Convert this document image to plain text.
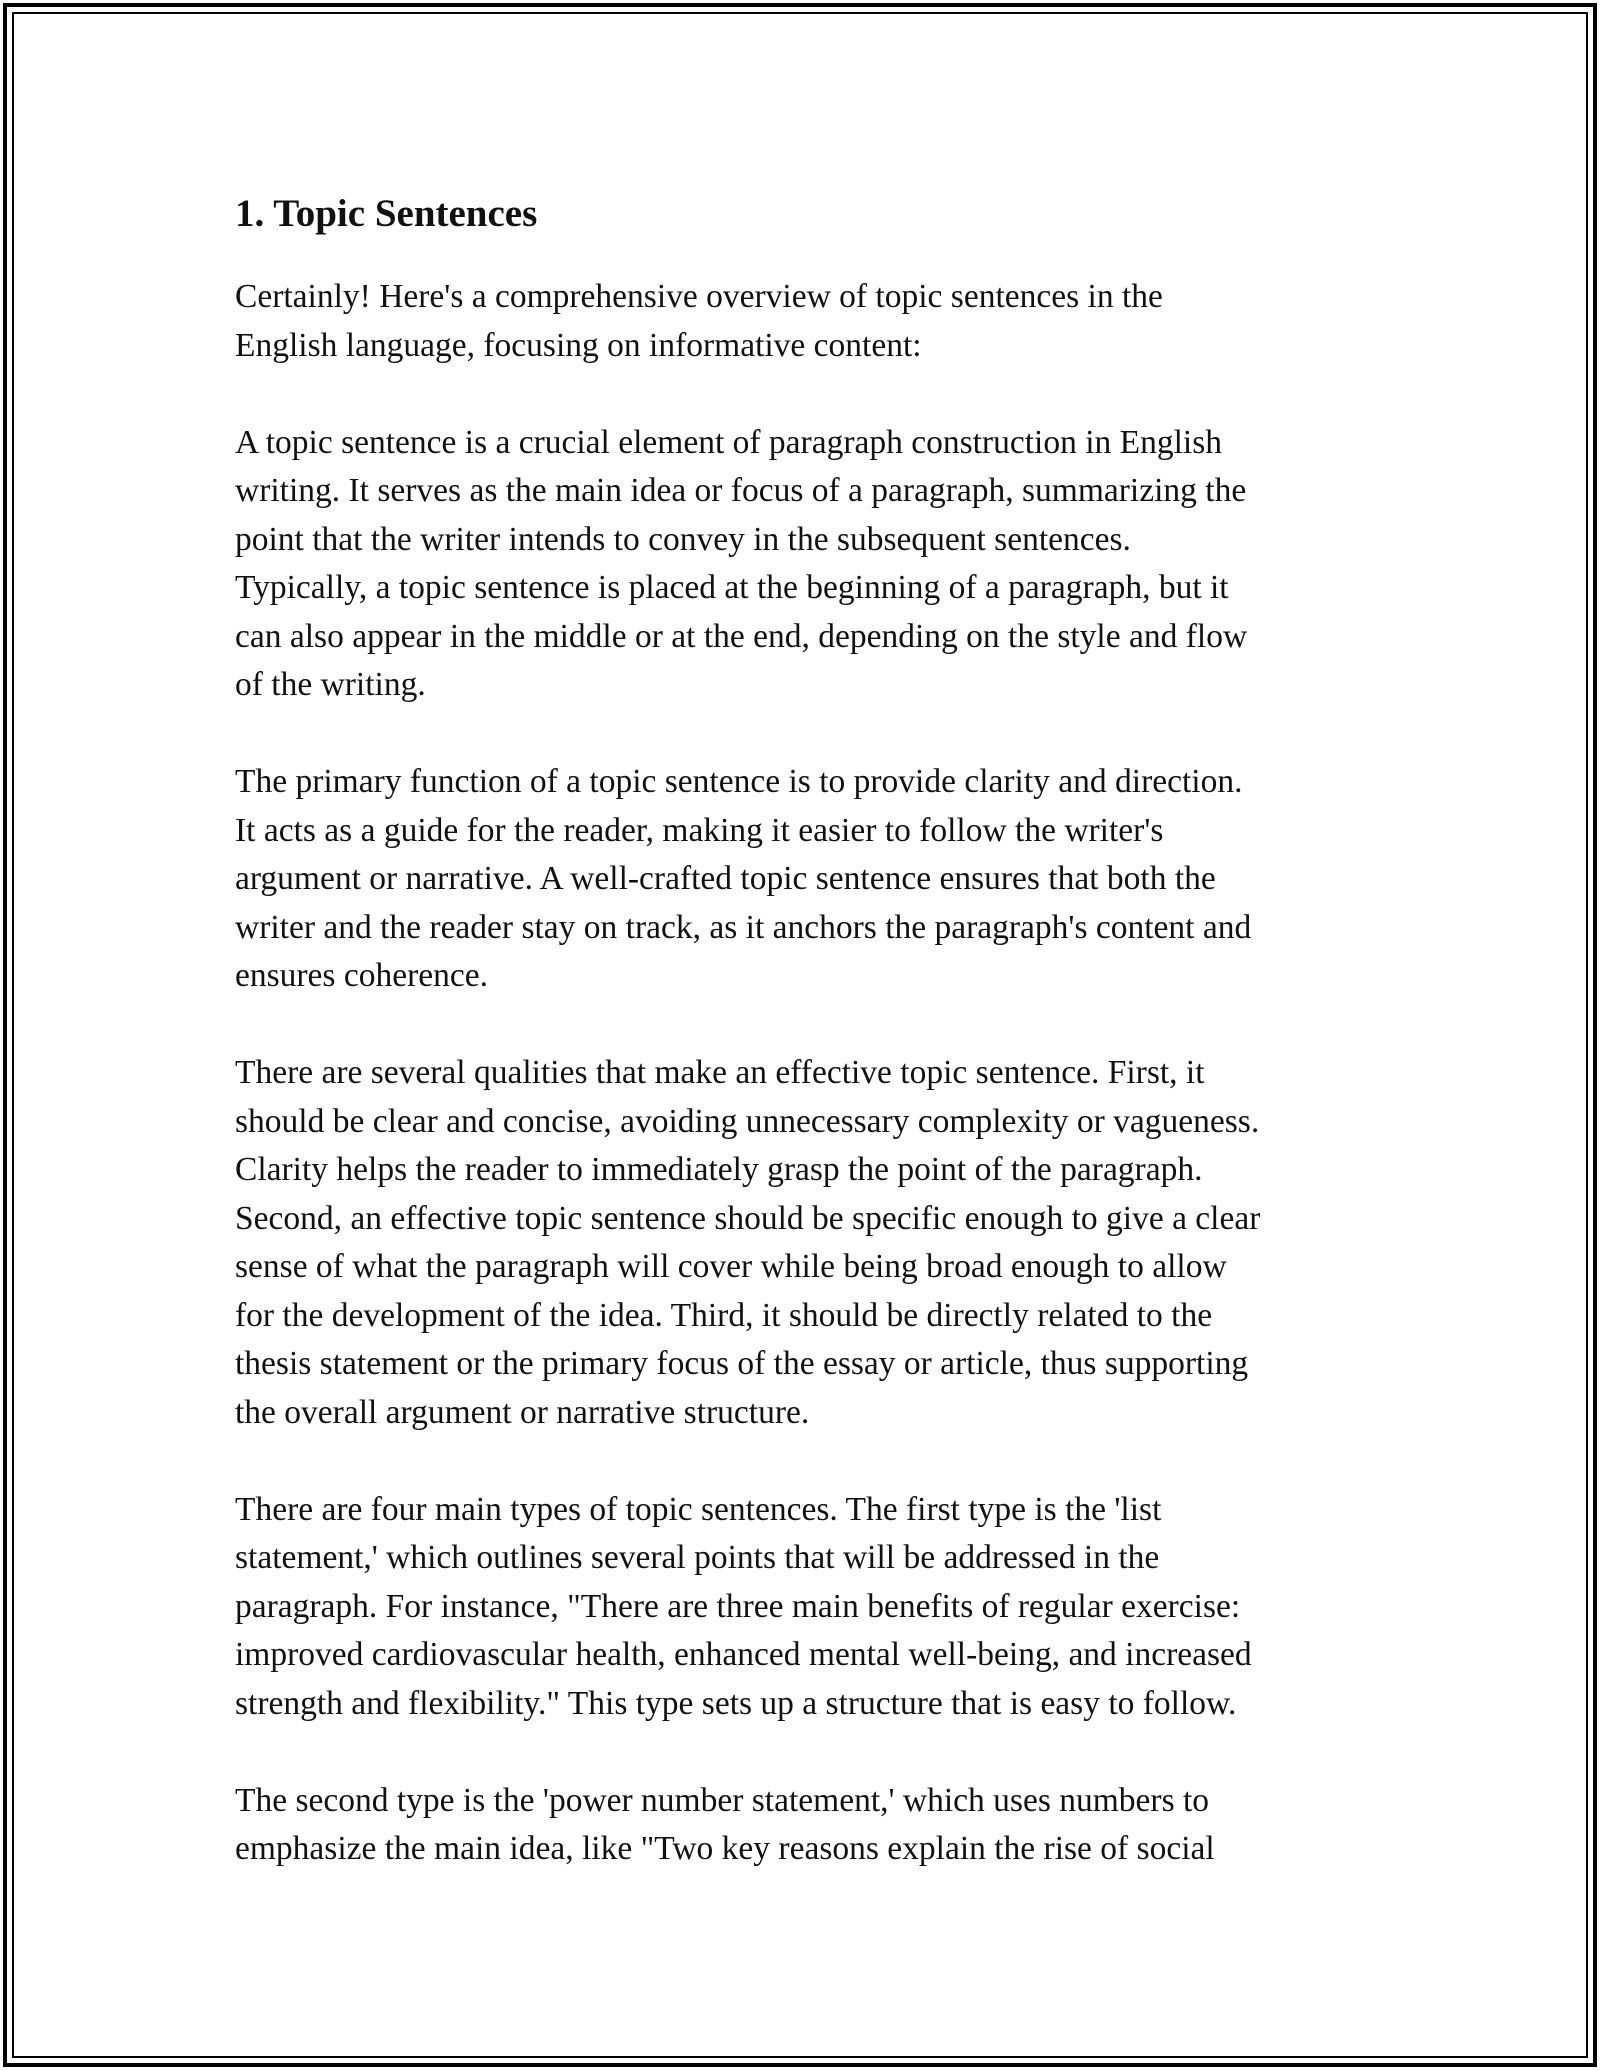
1. Topic Sentences

Certainly! Here's a comprehensive overview of topic sentences in the
English language, focusing on informative content:

A topic sentence is a crucial element of paragraph construction in English
writing. It serves as the main idea or focus of a paragraph, summarizing the
point that the writer intends to convey in the subsequent sentences.
Typically, a topic sentence is placed at the beginning of a paragraph, but it
can also appear in the middle or at the end, depending on the style and flow
of the writing.

The primary function of a topic sentence is to provide clarity and direction.
It acts as a guide for the reader, making it easier to follow the writer's
argument or narrative. A well-crafted topic sentence ensures that both the
writer and the reader stay on track, as it anchors the paragraph's content and
ensures coherence.

There are several qualities that make an effective topic sentence. First, it
should be clear and concise, avoiding unnecessary complexity or vagueness.
Clarity helps the reader to immediately grasp the point of the paragraph.
Second, an effective topic sentence should be specific enough to give a clear
sense of what the paragraph will cover while being broad enough to allow
for the development of the idea. Third, it should be directly related to the
thesis statement or the primary focus of the essay or article, thus supporting
the overall argument or narrative structure.

There are four main types of topic sentences. The first type is the 'list
statement,' which outlines several points that will be addressed in the
paragraph. For instance, "There are three main benefits of regular exercise:
improved cardiovascular health, enhanced mental well-being, and increased
strength and flexibility." This type sets up a structure that is easy to follow.

The second type is the 'power number statement,' which uses numbers to
emphasize the main idea, like "Two key reasons explain the rise of social
